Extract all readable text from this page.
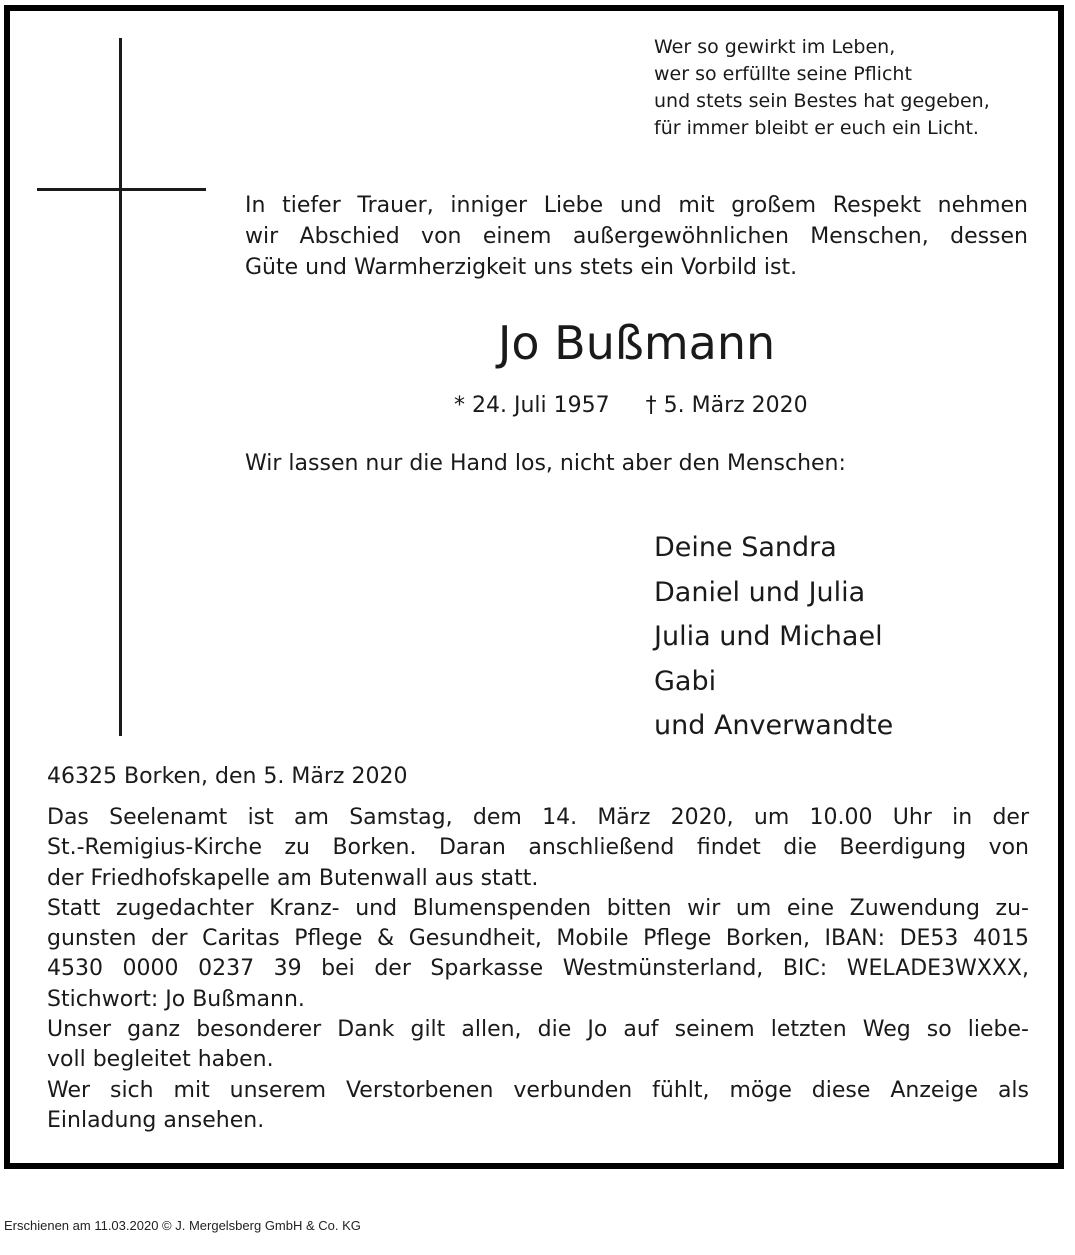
Wer so gewirkt im Leben,
wer so erfüllte seine Pflicht
und stets sein Bestes hat gegeben,
für immer bleibt er euch ein Licht.
In tiefer Trauer, inniger Liebe und mit großem Respekt nehmen
wir Abschied von einem außergewöhnlichen Menschen, dessen
Güte und Warmherzigkeit uns stets ein Vorbild ist.
Jo Bußmann
* 24. Juli 1957 † 5. März 2020
Wir lassen nur die Hand los, nicht aber den Menschen:
Deine Sandra
Daniel und Julia
Julia und Michael
Gabi
und Anverwandte
46325 Borken, den 5. März 2020
Das Seelenamt ist am Samstag, dem 14. März 2020, um 10.00 Uhr in der
St.-Remigius-Kirche zu Borken. Daran anschließend findet die Beerdigung von
der Friedhofskapelle am Butenwall aus statt.
Statt zugedachter Kranz- und Blumenspenden bitten wir um eine Zuwendung zu-
gunsten der Caritas Pflege & Gesundheit, Mobile Pflege Borken, IBAN: DE53 4015
4530 0000 0237 39 bei der Sparkasse Westmünsterland, BIC: WELADE3WXXX,
Stichwort: Jo Bußmann.
Unser ganz besonderer Dank gilt allen, die Jo auf seinem letzten Weg so liebe-
voll begleitet haben.
Wer sich mit unserem Verstorbenen verbunden fühlt, möge diese Anzeige als
Einladung ansehen.
Erschienen am 11.03.2020 © J. Mergelsberg GmbH & Co. KG
